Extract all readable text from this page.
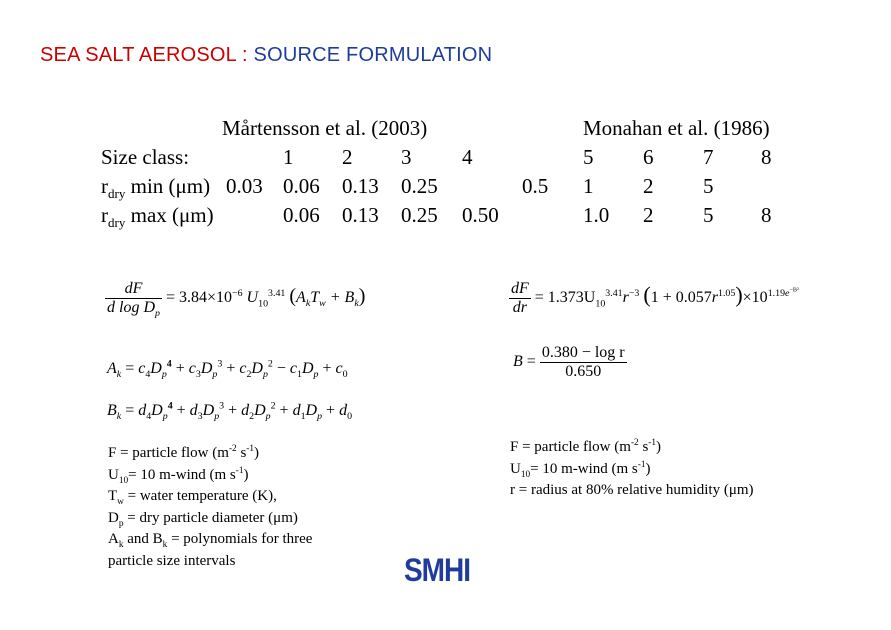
SEA SALT AEROSOL : SOURCE FORMULATION
Mårtensson et al. (2003)	Monahan et al. (1986)
Size class:	1 2 3 4	5 6 7 8
$r_{dry}$ min (μm) 0.03 0.06 0.13 0.25	0.5 1 2 5
$r_{dry}$ max (μm)	0.06 0.13 0.25 0.50	1.0 2 5 8
$\frac{dF}{d \log D_p} = 3.84\times 10^{-6}$ $U_{10}^{3.41}$ $(A_kT_w + B_k)$
$A_k = c_4D_p^4 + c_3D_p^3 + c_2D_p^2 - c_1D_p + c_0$
$B_k = d_4D_p^4 + d_3D_p^3 + d_2D_p^2 + d_1D_p + d_0$
$\frac{dF}{dr} = 1.373U_{10}^{3.41}r^{-3}$ $(1 + 0.057r^{1.05})\times 10^{1.19e^{-B^2}}$
$B = \frac{\text{0.380 − log r}}{0.650}$
F = particle flow ($m^{-2}$ $s^{-1}$)
$U_{10}= 10$ m-wind (m $s^{-1}$)
$T_w$ = water temperature (K),
$D_p$ = dry particle diameter (μm)
$A_k$ and $B_k$ = polynomials for three
particle size intervals
F = particle flow ($m^{-2}$ $s^{-1}$)
$U_{10}= 10$ m-wind (m $s^{-1}$)
r = radius at 80% relative humidity (μm)
SMHI
